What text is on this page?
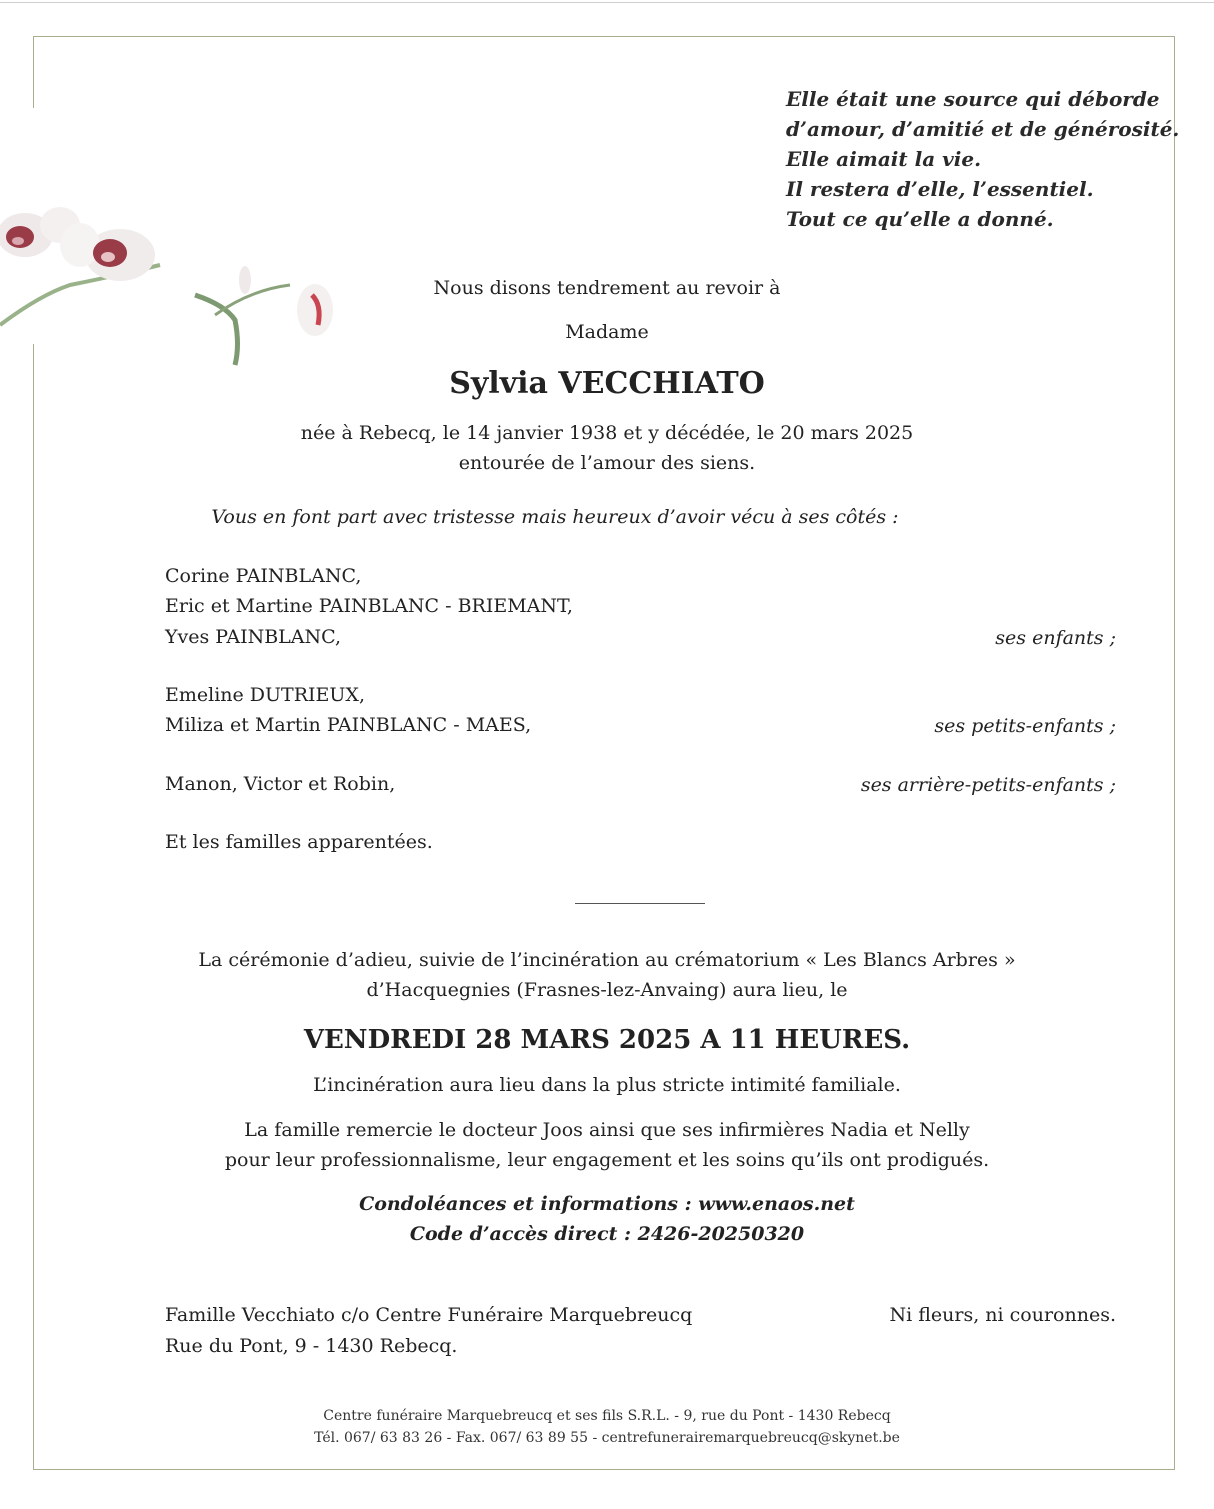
Elle était une source qui déborde
d’amour, d’amitié et de générosité.
Elle aimait la vie.
Il restera d’elle, l’essentiel.
Tout ce qu’elle a donné.
Nous disons tendrement au revoir à
Madame
Sylvia VECCHIATO
née à Rebecq, le 14 janvier 1938 et y décédée, le 20 mars 2025
entourée de l’amour des siens.
Vous en font part avec tristesse mais heureux d’avoir vécu à ses côtés :
Corine PAINBLANC,
Eric et Martine PAINBLANC - BRIEMANT,
Yves PAINBLANC,	ses enfants ;
Emeline DUTRIEUX,
Miliza et Martin PAINBLANC - MAES,	ses petits-enfants ;
Manon, Victor et Robin,	ses arrière-petits-enfants ;
Et les familles apparentées.
La cérémonie d’adieu, suivie de l’incinération au crématorium « Les Blancs Arbres »
d’Hacquegnies (Frasnes-lez-Anvaing) aura lieu, le
VENDREDI 28 MARS 2025 A 11 HEURES.
L’incinération aura lieu dans la plus stricte intimité familiale.
La famille remercie le docteur Joos ainsi que ses infirmières Nadia et Nelly
pour leur professionnalisme, leur engagement et les soins qu’ils ont prodigués.
Condoléances et informations : www.enaos.net
Code d’accès direct : 2426-20250320
Famille Vecchiato c/o Centre Funéraire Marquebreucq
Rue du Pont, 9 - 1430 Rebecq.
Ni fleurs, ni couronnes.
Centre funéraire Marquebreucq et ses fils S.R.L. - 9, rue du Pont - 1430 Rebecq
Tél. 067/ 63 83 26 - Fax. 067/ 63 89 55 - centrefunerairemarquebreucq@skynet.be
